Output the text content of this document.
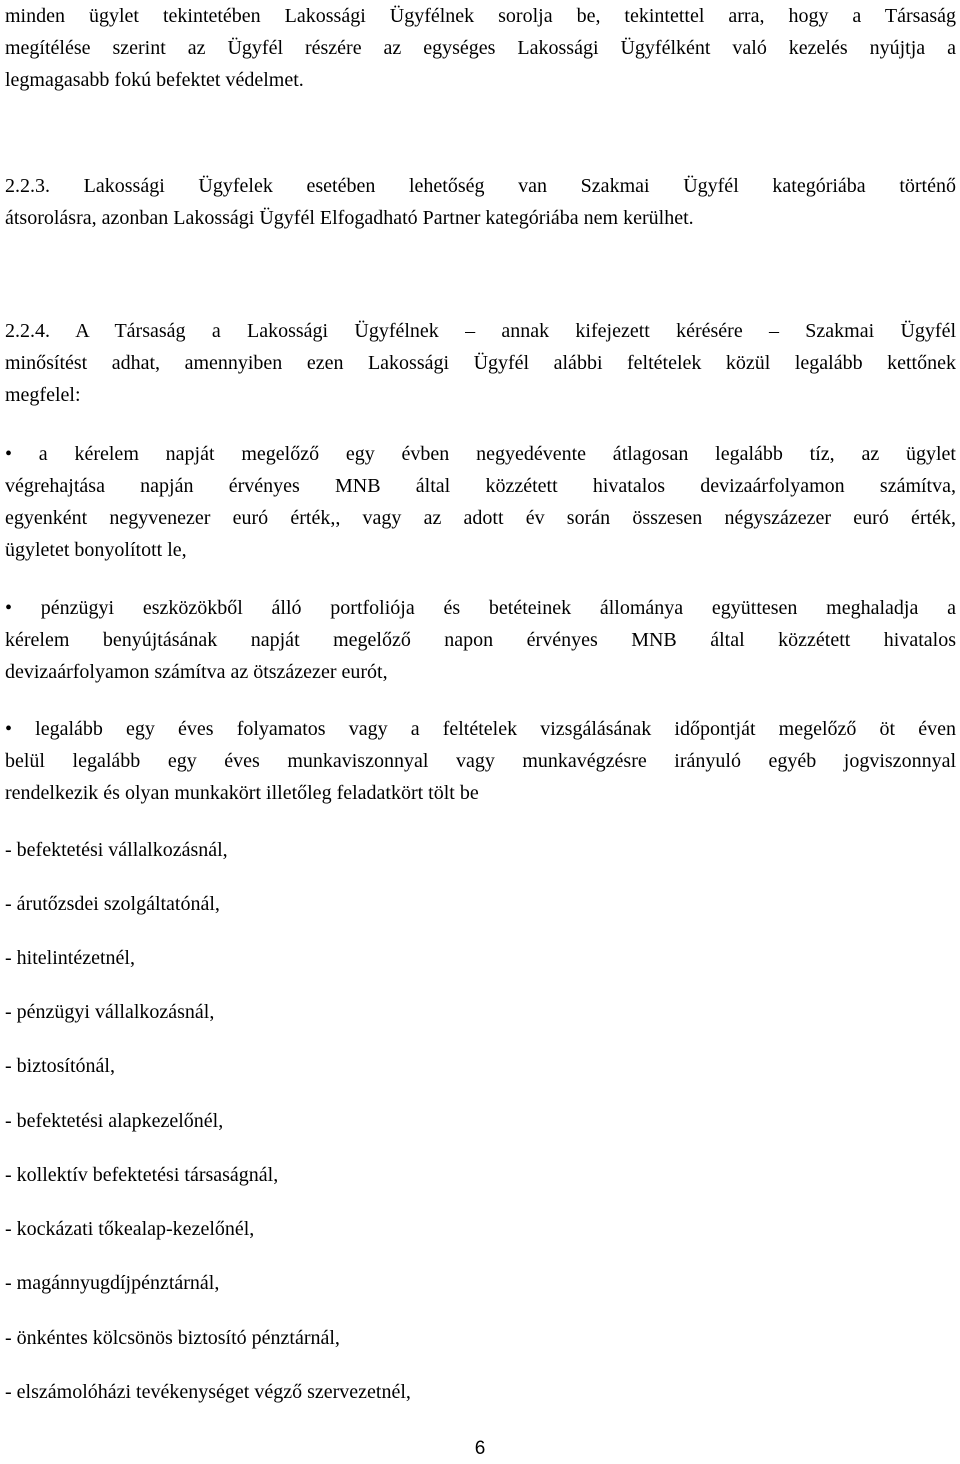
minden ügylet tekintetében Lakossági Ügyfélnek sorolja be, tekintettel arra, hogy a Társaság
megítélése szerint az Ügyfél részére az egységes Lakossági Ügyfélként való kezelés nyújtja a
legmagasabb fokú befektet védelmet.
2.2.3. Lakossági Ügyfelek esetében lehetőség van Szakmai Ügyfél kategóriába történő
átsorolásra, azonban Lakossági Ügyfél Elfogadható Partner kategóriába nem kerülhet.
2.2.4. A Társaság a Lakossági Ügyfélnek – annak kifejezett kérésére – Szakmai Ügyfél
minősítést adhat, amennyiben ezen Lakossági Ügyfél alábbi feltételek közül legalább kettőnek
megfelel:
• a kérelem napját megelőző egy évben negyedévente átlagosan legalább tíz, az ügylet
végrehajtása napján érvényes MNB által közzétett hivatalos devizaárfolyamon számítva,
egyenként negyvenezer euró érték,, vagy az adott év során összesen négyszázezer euró érték,
ügyletet bonyolított le,
• pénzügyi eszközökből álló portfoliója és betéteinek állománya együttesen meghaladja a
kérelem benyújtásának napját megelőző napon érvényes MNB által közzétett hivatalos
devizaárfolyamon számítva az ötszázezer eurót,
• legalább egy éves folyamatos vagy a feltételek vizsgálásának időpontját megelőző öt éven
belül legalább egy éves munkaviszonnyal vagy munkavégzésre irányuló egyéb jogviszonnyal
rendelkezik és olyan munkakört illetőleg feladatkört tölt be
- befektetési vállalkozásnál,
- árutőzsdei szolgáltatónál,
- hitelintézetnél,
- pénzügyi vállalkozásnál,
- biztosítónál,
- befektetési alapkezelőnél,
- kollektív befektetési társaságnál,
- kockázati tőkealap-kezelőnél,
- magánnyugdíjpénztárnál,
- önkéntes kölcsönös biztosító pénztárnál,
- elszámolóházi tevékenységet végző szervezetnél,
6
